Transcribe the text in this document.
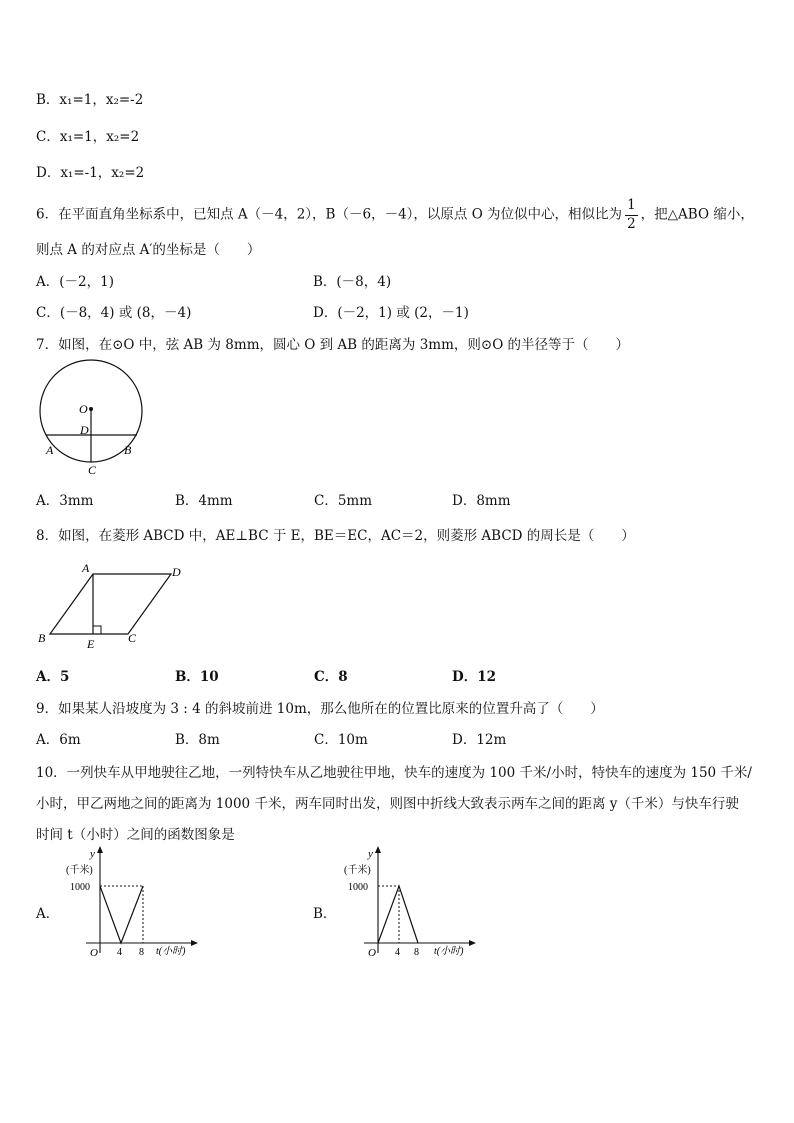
B．x₁=1，x₂=-2
C．x₁=1，x₂=2
D．x₁=-1，x₂=2
6．在平面直角坐标系中，已知点 A（－4，2），B（－6，－4），以原点 O 为位似中心，相似比为 $\frac{1}{2}$ ，把△ABO 缩小，
则点 A 的对应点 A′的坐标是（　　）
A．(－2，1)	B．(－8，4)
C．(－8，4) 或 (8，－4)	D．(－2，1) 或 (2，－1)
7．如图，在⊙O 中，弦 AB 为 8mm，圆心 O 到 AB 的距离为 3mm，则⊙O 的半径等于（　　）
O
D
A	B
C
A．3mm	B．4mm	C．5mm	D．8mm
8．如图，在菱形 ABCD 中，AE⊥BC 于 E，BE＝EC，AC＝2，则菱形 ABCD 的周长是（　　）
A	D
B	C
E
A．5	B．10	C．8	D．12
9．如果某人沿坡度为 3 : 4 的斜坡前进 10m，那么他所在的位置比原来的位置升高了（　　）
A．6m	B．8m	C．10m	D．12m
10．一列快车从甲地驶往乙地，一列特快车从乙地驶往甲地，快车的速度为 100 千米/小时，特快车的速度为 150 千米/
小时，甲乙两地之间的距离为 1000 千米，两车同时出发，则图中折线大致表示两车之间的距离 y（千米）与快车行驶
时间 t（小时）之间的函数图象是
A．
y
(千米)
1000
O 4 8 t(小时)
B．
y
(千米)
1000
O 4 8 t(小时)
